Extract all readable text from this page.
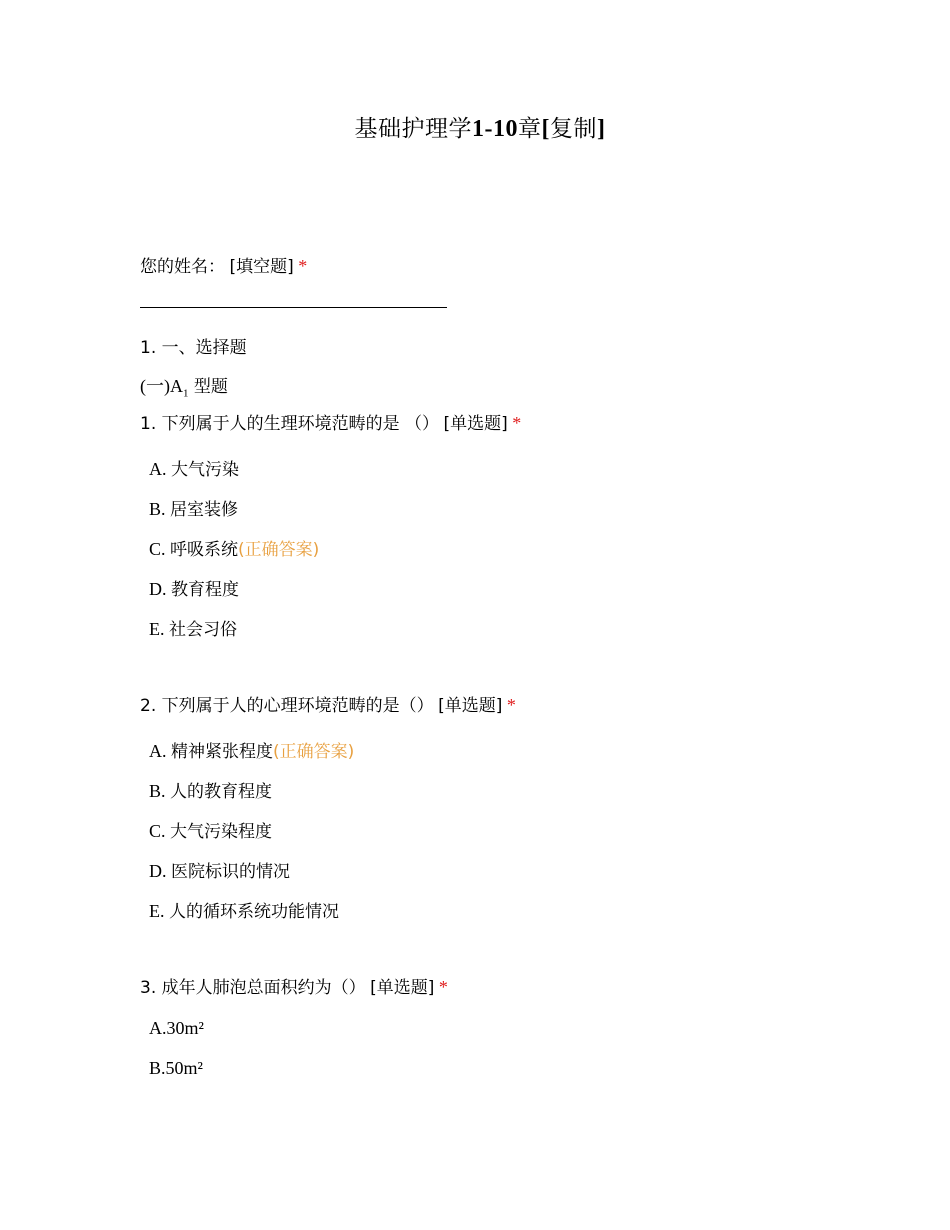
基础护理学1-10章[复制]
您的姓名： [填空题] *
1. 一、选择题
(一)$A_1$ 型题
1. 下列属于人的生理环境范畴的是 （） [单选题] *
A. 大气污染
B. 居室装修
C. 呼吸系统(正确答案)
D. 教育程度
E. 社会习俗
2. 下列属于人的心理环境范畴的是（） [单选题] *
A. 精神紧张程度(正确答案)
B. 人的教育程度
C. 大气污染程度
D. 医院标识的情况
E. 人的循环系统功能情况
3. 成年人肺泡总面积约为（） [单选题] *
A.30m²
B.50m²
